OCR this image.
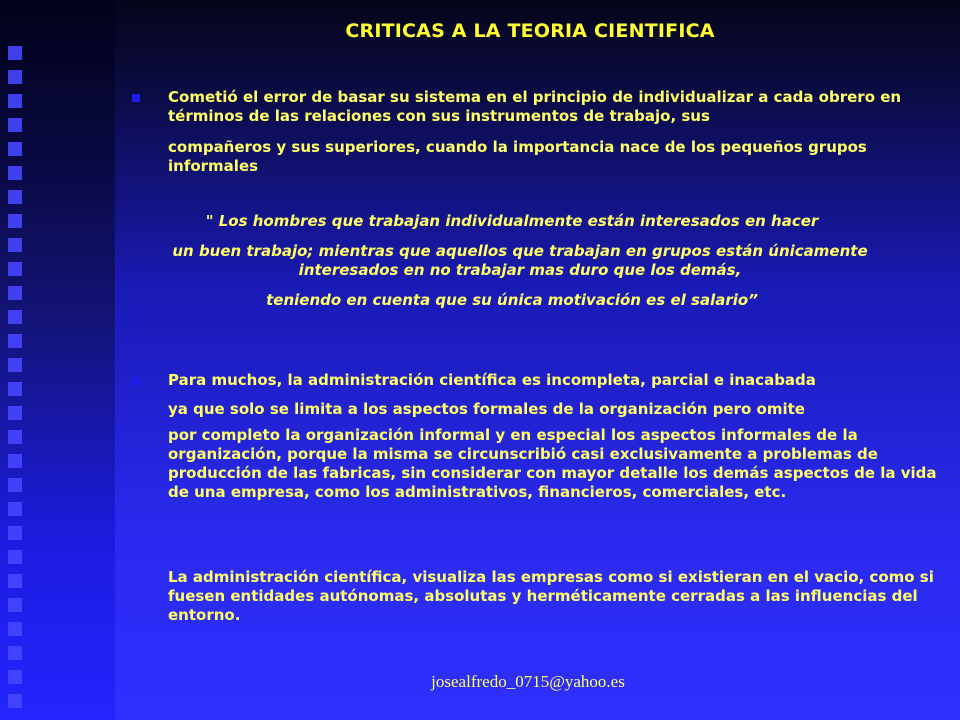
CRITICAS A LA TEORIA CIENTIFICA
Cometió el error de basar su sistema en el principio de individualizar a cada obrero en términos de las relaciones con sus instrumentos de trabajo, sus
compañeros y sus superiores, cuando la importancia nace de los pequeños grupos informales
" Los hombres que trabajan individualmente están interesados en hacer
un buen trabajo; mientras que aquellos que trabajan en grupos están únicamente interesados en no trabajar mas duro que los demás,
teniendo en cuenta que su única motivación es el salario”
Para muchos, la administración científica es incompleta, parcial e inacabada
ya que solo se limita a los aspectos formales de la organización pero omite
por completo la organización informal y en especial los aspectos informales de la organización, porque la misma se circunscribió casi exclusivamente a problemas de producción de las fabricas, sin considerar con mayor detalle los demás aspectos de la vida de una empresa, como los administrativos, financieros, comerciales, etc.
La administración científica, visualiza las empresas como si existieran en el vacio, como si fuesen entidades autónomas, absolutas y herméticamente cerradas a las influencias del entorno.
josealfredo_0715@yahoo.es
